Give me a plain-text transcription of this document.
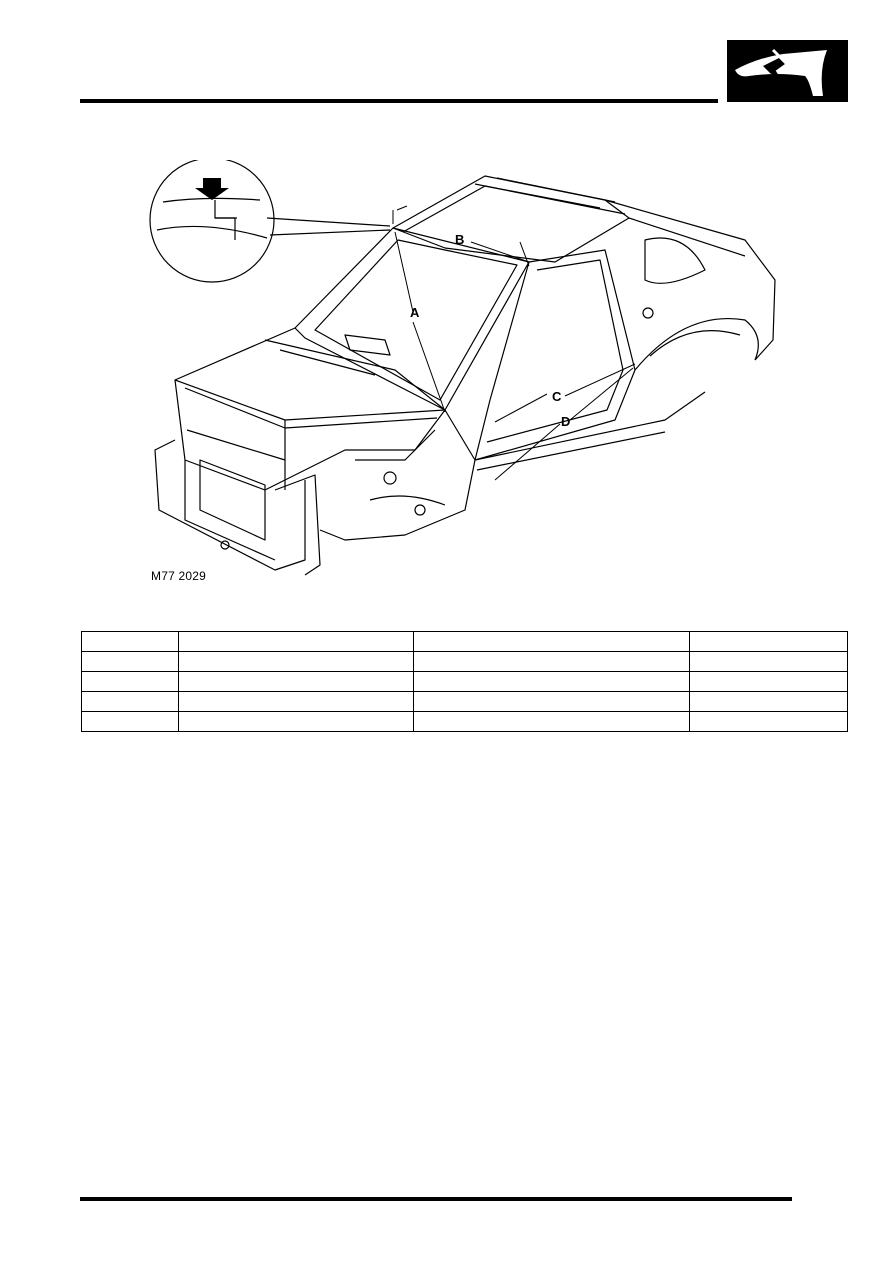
A
B
C
D
M77 2029
